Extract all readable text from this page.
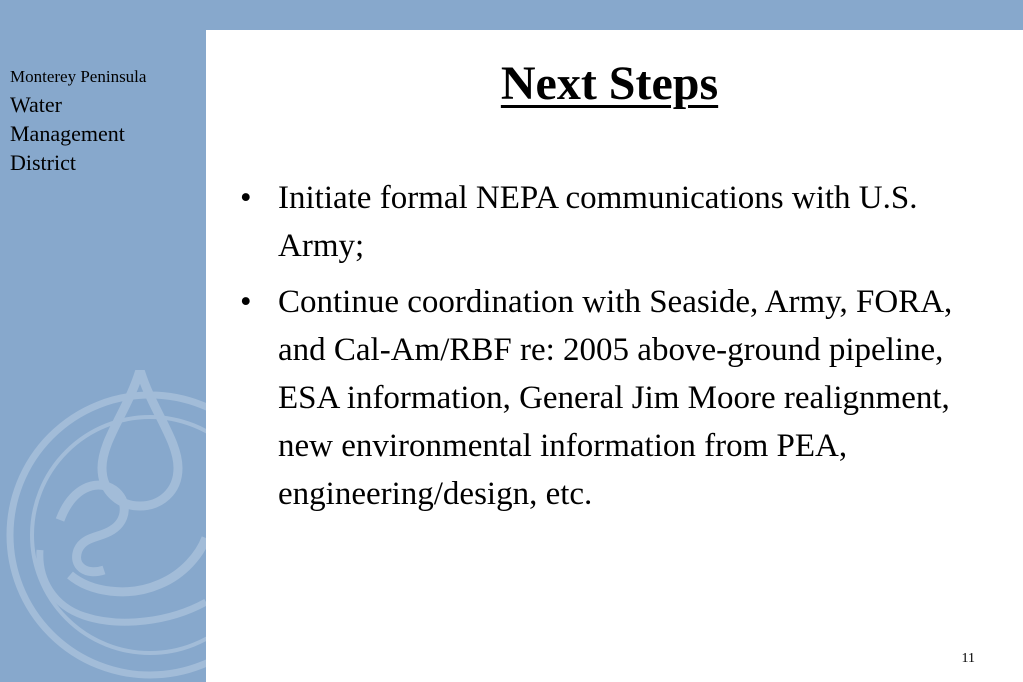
Monterey Peninsula
Water
Management
District
Next Steps
• Initiate formal NEPA communications with U.S. Army;
• Continue coordination with Seaside, Army, FORA, and Cal-Am/RBF re: 2005 above-ground pipeline, ESA information, General Jim Moore realignment, new environmental information from PEA, engineering/design, etc.
11
